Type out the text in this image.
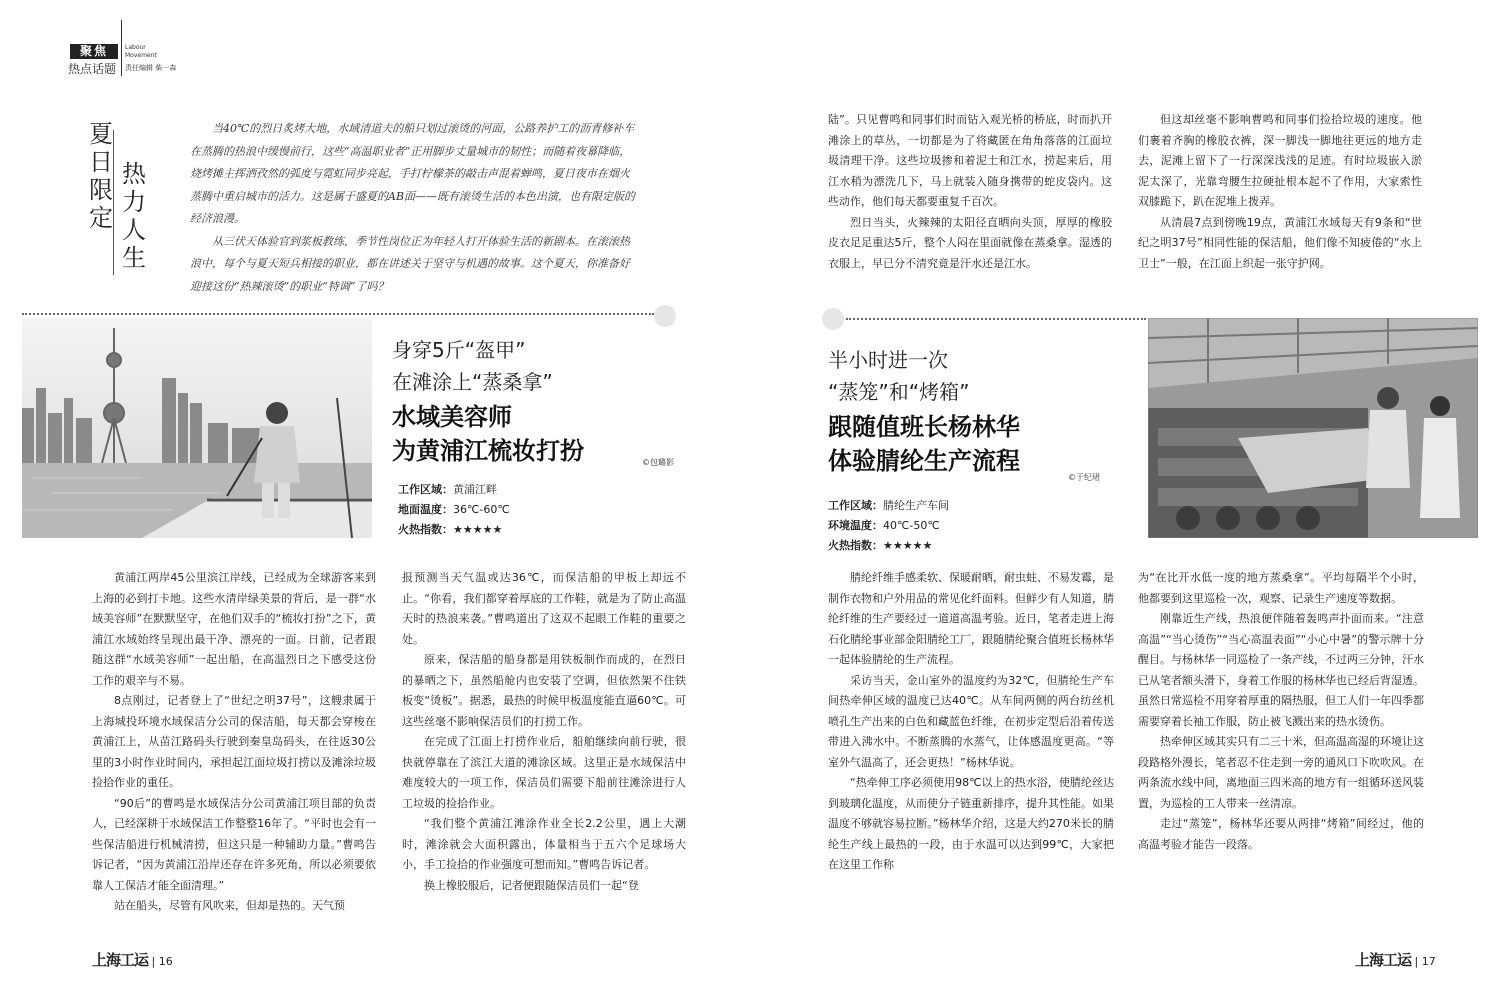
聚焦
热点话题
Labour Movement
责任编辑 柴一森
夏
日
限
定
热
力
人
生

当40℃的烈日炙烤大地，水域清道夫的船只划过滚烫的河面，公路养护工的沥青修补车在蒸腾的热浪中缓慢前行，这些“高温职业者”正用脚步丈量城市的韧性；而随着夜幕降临，烧烤摊主挥洒孜然的弧度与霓虹同步亮起，手打柠檬茶的敲击声混着蝉鸣，夏日夜市在烟火蒸腾中重启城市的活力。这是属于盛夏的AB面——既有滚烫生活的本色出演，也有限定版的经济浪漫。

从三伏天体验官到浆板教练，季节性岗位正为年轻人打开体验生活的新剧本。在滚滚热浪中，每个与夏天短兵相接的职业，都在讲述关于坚守与机遇的故事。这个夏天，你准备好迎接这份“热辣滚烫”的职业“特调”了吗？

身穿5斤“盔甲”
在滩涂上“蒸桑拿”
水域美容师
为黄浦江梳妆打扮	©包璐影
工作区域：黄浦江畔
地面温度：36℃-60℃
火热指数：★★★★★

黄浦江两岸45公里滨江岸线，已经成为全球游客来到上海的必到打卡地。这些水清岸绿美景的背后，是一群“水域美容师”在默默坚守，在他们双手的“梳妆打扮”之下，黄浦江水域始终呈现出最干净、漂亮的一面。日前，记者跟随这群“水域美容师”一起出船，在高温烈日之下感受这份工作的艰辛与不易。

8点刚过，记者登上了“世纪之明37号”，这艘隶属于上海城投环境水域保洁分公司的保洁船，每天都会穿梭在黄浦江上，从苗江路码头行驶到秦皇岛码头，在往返30公里的3小时作业时间内，承担起江面垃圾打捞以及滩涂垃圾捡拾作业的重任。

“90后”的曹鸣是水域保洁分公司黄浦江项目部的负责人，已经深耕于水域保洁工作整整16年了。“平时也会有一些保洁船进行机械清捞，但这只是一种辅助力量。”曹鸣告诉记者，“因为黄浦江沿岸还存在许多死角，所以必须要依靠人工保洁才能全面清理。”

站在船头，尽管有风吹来，但却是热的。天气预

报预测当天气温或达36℃，而保洁船的甲板上却远不止。“你看，我们都穿着厚底的工作鞋，就是为了防止高温天时的热浪来袭。”曹鸣道出了这双不起眼工作鞋的重要之处。

原来，保洁船的船身都是用铁板制作而成的，在烈日的暴晒之下，虽然船舱内也安装了空调，但依然架不住铁板变“烫板”。据悉，最热的时候甲板温度能直逼60℃。可这些丝毫不影响保洁员们的打捞工作。

在完成了江面上打捞作业后，船舶继续向前行驶，很快就停靠在了滨江大道的滩涂区域。这里正是水域保洁中难度较大的一项工作，保洁员们需要下船前往滩涂进行人工垃圾的捡拾作业。

“我们整个黄浦江滩涂作业全长2.2公里，遇上大潮时，滩涂就会大面积露出，体量相当于五六个足球场大小，手工捡拾的作业强度可想而知。”曹鸣告诉记者。

换上橡胶服后，记者便跟随保洁员们一起“登

陆”。只见曹鸣和同事们时而钻入观光桥的桥底，时而扒开滩涂上的草丛，一切都是为了将藏匿在角角落落的江面垃圾清理干净。这些垃圾掺和着泥土和江水，捞起来后，用江水稍为漂洗几下，马上就装入随身携带的蛇皮袋内。这些动作，他们每天都要重复千百次。

烈日当头，火辣辣的太阳径直晒向头顶，厚厚的橡胶皮衣足足重达5斤，整个人闷在里面就像在蒸桑拿。湿透的衣服上，早已分不清究竟是汗水还是江水。

但这却丝毫不影响曹鸣和同事们捡拾垃圾的速度。他们裹着齐胸的橡胶衣裤，深一脚浅一脚地往更远的地方走去，泥滩上留下了一行深深浅浅的足迹。有时垃圾嵌入淤泥太深了，光靠弯腰生拉硬扯根本起不了作用，大家索性双膝跪下，趴在泥堆上拨弄。

从清晨7点到傍晚19点，黄浦江水域每天有9条和“世纪之明37号”相同性能的保洁船，他们像不知疲倦的“水上卫士”一般，在江面上织起一张守护网。

半小时进一次
“蒸笼”和“烤箱”
跟随值班长杨林华
体验腈纶生产流程
©于纪珺
工作区域：腈纶生产车间
环境温度：40℃-50℃
火热指数：★★★★★

腈纶纤维手感柔软、保暖耐晒，耐虫蛀、不易发霉，是制作衣物和户外用品的常见化纤面料。但鲜少有人知道，腈纶纤维的生产要经过一道道高温考验。近日，笔者走进上海石化腈纶事业部金阳腈纶工厂，跟随腈纶聚合值班长杨林华一起体验腈纶的生产流程。

采访当天，金山室外的温度约为32℃，但腈纶生产车间热牵伸区域的温度已达40℃。从车间两侧的两台纺丝机喷孔生产出来的白色和藏蓝色纤维，在初步定型后沿着传送带进入沸水中。不断蒸腾的水蒸气，让体感温度更高。“等室外气温高了，还会更热！”杨林华说。

“热牵伸工序必须使用98℃以上的热水浴，使腈纶丝达到玻璃化温度，从而使分子链重新排序，提升其性能。如果温度不够就容易拉断。”杨林华介绍，这是大约270米长的腈纶生产线上最热的一段，由于水温可以达到99℃，大家把在这里工作称

为“在比开水低一度的地方蒸桑拿”。平均每隔半个小时，他都要到这里巡检一次，观察、记录生产速度等数据。

刚靠近生产线，热浪便伴随着轰鸣声扑面而来。“注意高温”“当心烫伤”“当心高温表面”“小心中暑”的警示牌十分醒目。与杨林华一同巡检了一条产线，不过两三分钟，汗水已从笔者额头滑下，身着工作服的杨林华也已经后背湿透。虽然日常巡检不用穿着厚重的隔热服，但工人们一年四季都需要穿着长袖工作服，防止被飞溅出来的热水烫伤。

热牵伸区域其实只有二三十米，但高温高湿的环境让这段路格外漫长，笔者忍不住走到一旁的通风口下吹吹风。在两条流水线中间，离地面三四米高的地方有一组循环送风装置，为巡检的工人带来一丝清凉。

走过“蒸笼”，杨林华还要从两排“烤箱”间经过，他的高温考验才能告一段落。

上海工运 | 16	上海工运 | 17
